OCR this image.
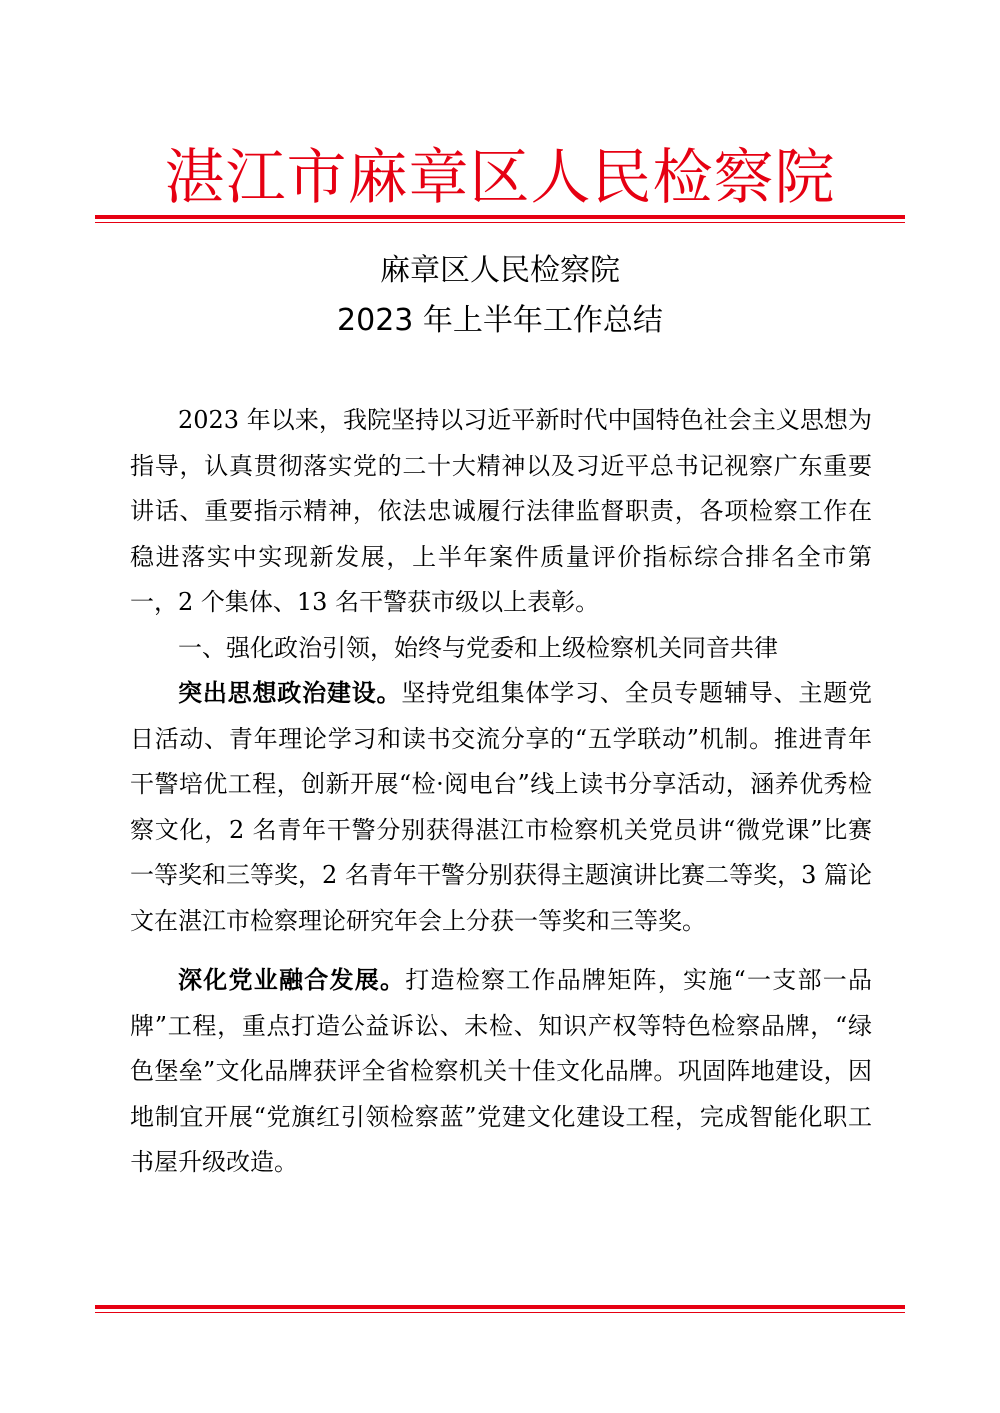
湛江市麻章区人民检察院
麻章区人民检察院
2023 年上半年工作总结

2023 年以来，我院坚持以习近平新时代中国特色社会主义思想为指导，认真贯彻落实党的二十大精神以及习近平总书记视察广东重要讲话、重要指示精神，依法忠诚履行法律监督职责，各项检察工作在稳进落实中实现新发展，上半年案件质量评价指标综合排名全市第一，2 个集体、13 名干警获市级以上表彰。

一、强化政治引领，始终与党委和上级检察机关同音共律

突出思想政治建设。坚持党组集体学习、全员专题辅导、主题党日活动、青年理论学习和读书交流分享的“五学联动”机制。推进青年干警培优工程，创新开展“检·阅电台”线上读书分享活动，涵养优秀检察文化，2 名青年干警分别获得湛江市检察机关党员讲“微党课”比赛一等奖和三等奖，2 名青年干警分别获得主题演讲比赛二等奖，3 篇论文在湛江市检察理论研究年会上分获一等奖和三等奖。

深化党业融合发展。打造检察工作品牌矩阵，实施“一支部一品牌”工程，重点打造公益诉讼、未检、知识产权等特色检察品牌，“绿色堡垒”文化品牌获评全省检察机关十佳文化品牌。巩固阵地建设，因地制宜开展“党旗红引领检察蓝”党建文化建设工程，完成智能化职工书屋升级改造。
